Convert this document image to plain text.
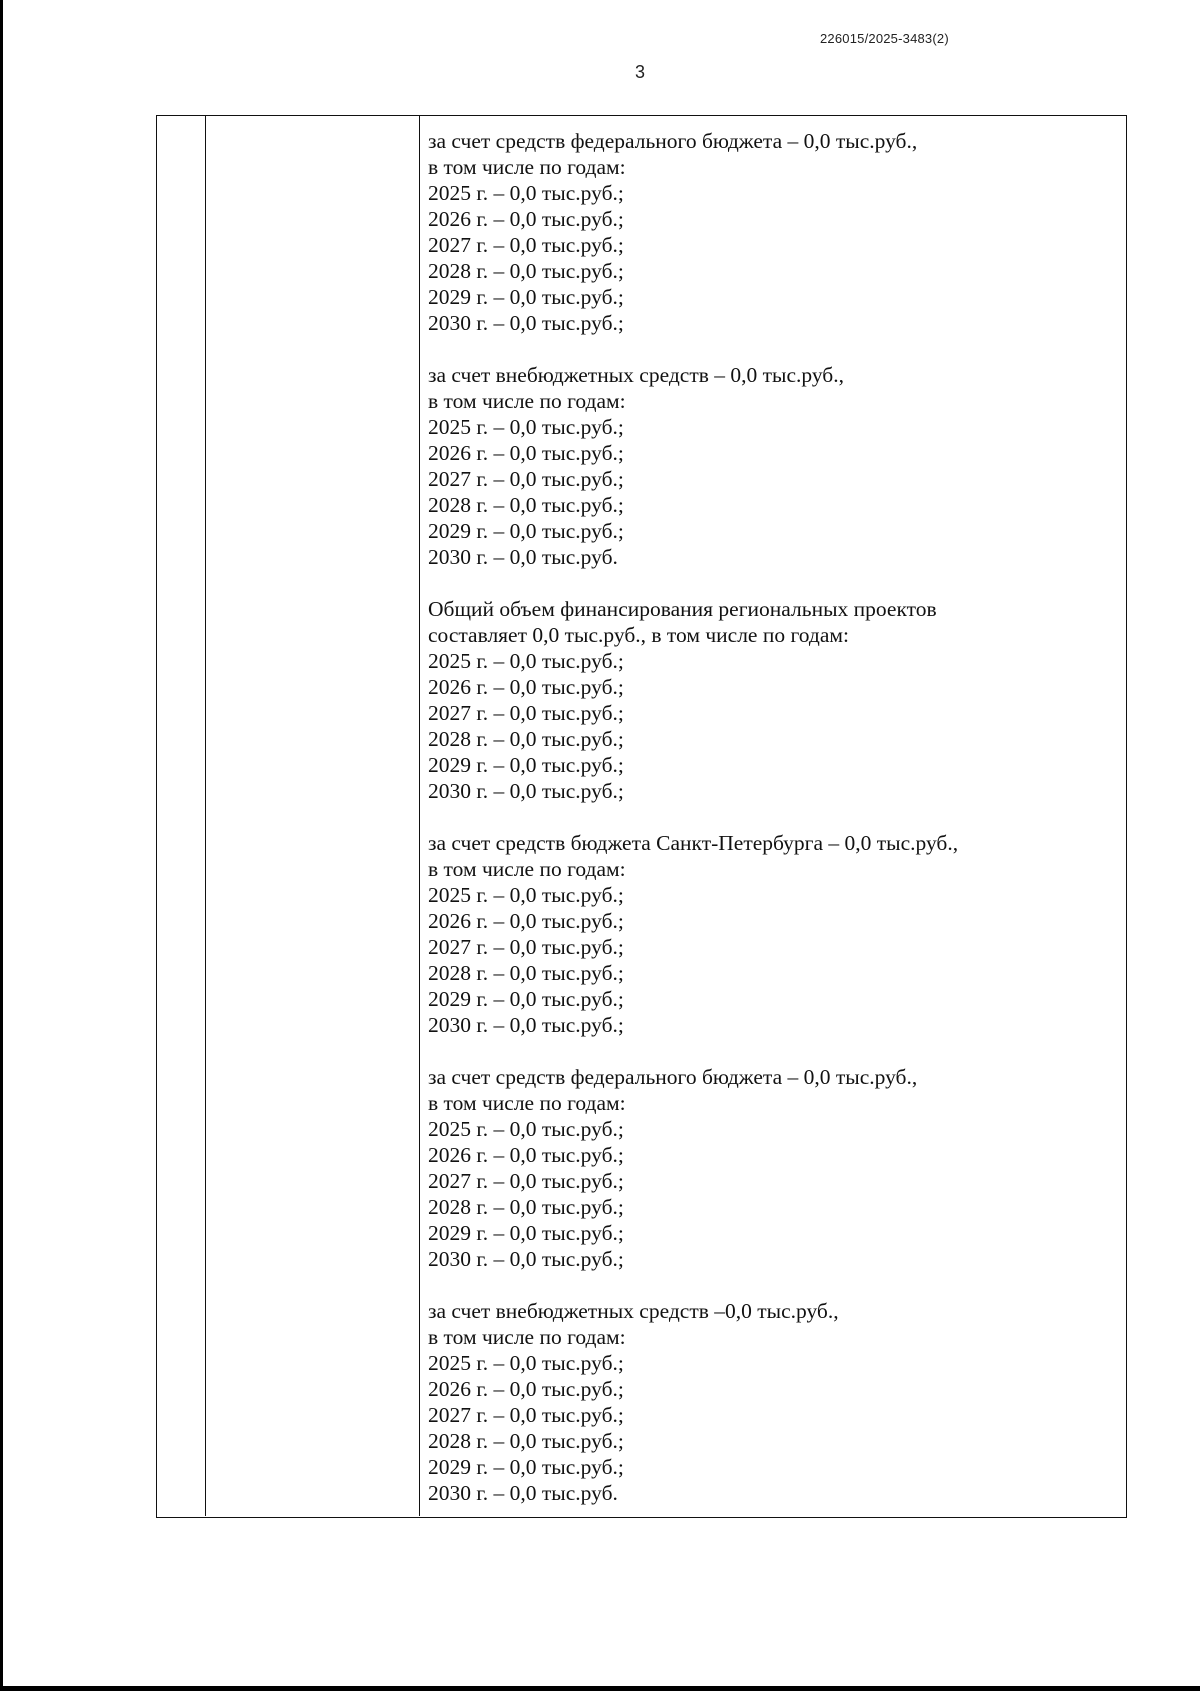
226015/2025-3483(2)
3
за счет средств федерального бюджета – 0,0 тыс.руб.,
в том числе по годам:
2025 г. – 0,0 тыс.руб.;
2026 г. – 0,0 тыс.руб.;
2027 г. – 0,0 тыс.руб.;
2028 г. – 0,0 тыс.руб.;
2029 г. – 0,0 тыс.руб.;
2030 г. – 0,0 тыс.руб.;
за счет внебюджетных средств – 0,0 тыс.руб.,
в том числе по годам:
2025 г. – 0,0 тыс.руб.;
2026 г. – 0,0 тыс.руб.;
2027 г. – 0,0 тыс.руб.;
2028 г. – 0,0 тыс.руб.;
2029 г. – 0,0 тыс.руб.;
2030 г. – 0,0 тыс.руб.
Общий объем финансирования региональных проектов
составляет 0,0 тыс.руб., в том числе по годам:
2025 г. – 0,0 тыс.руб.;
2026 г. – 0,0 тыс.руб.;
2027 г. – 0,0 тыс.руб.;
2028 г. – 0,0 тыс.руб.;
2029 г. – 0,0 тыс.руб.;
2030 г. – 0,0 тыс.руб.;
за счет средств бюджета Санкт-Петербурга – 0,0 тыс.руб.,
в том числе по годам:
2025 г. – 0,0 тыс.руб.;
2026 г. – 0,0 тыс.руб.;
2027 г. – 0,0 тыс.руб.;
2028 г. – 0,0 тыс.руб.;
2029 г. – 0,0 тыс.руб.;
2030 г. – 0,0 тыс.руб.;
за счет средств федерального бюджета – 0,0 тыс.руб.,
в том числе по годам:
2025 г. – 0,0 тыс.руб.;
2026 г. – 0,0 тыс.руб.;
2027 г. – 0,0 тыс.руб.;
2028 г. – 0,0 тыс.руб.;
2029 г. – 0,0 тыс.руб.;
2030 г. – 0,0 тыс.руб.;
за счет внебюджетных средств –0,0 тыс.руб.,
в том числе по годам:
2025 г. – 0,0 тыс.руб.;
2026 г. – 0,0 тыс.руб.;
2027 г. – 0,0 тыс.руб.;
2028 г. – 0,0 тыс.руб.;
2029 г. – 0,0 тыс.руб.;
2030 г. – 0,0 тыс.руб.
